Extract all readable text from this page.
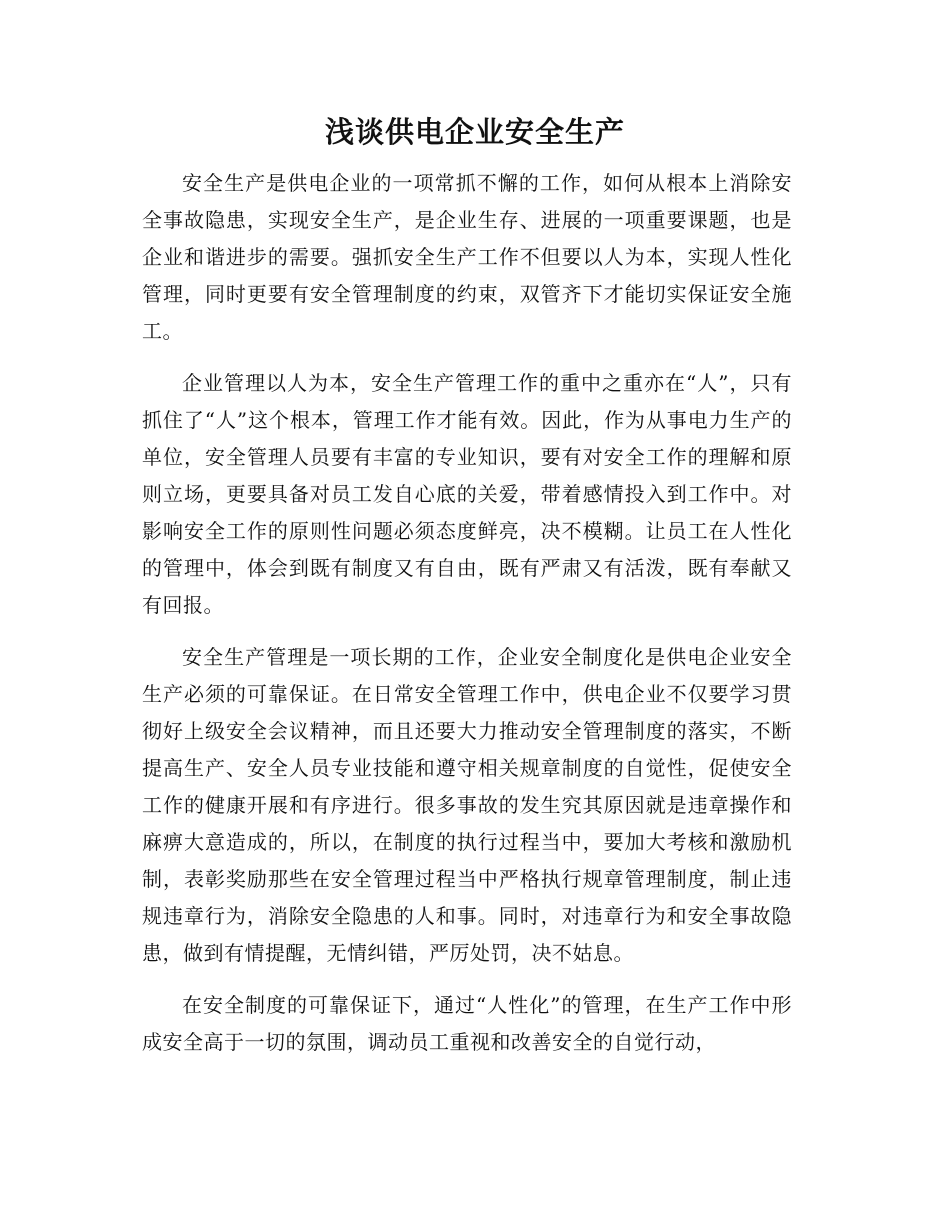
浅谈供电企业安全生产

安全生产是供电企业的一项常抓不懈的工作，如何从根本上消除安全事故隐患，实现安全生产，是企业生存、进展的一项重要课题，也是企业和谐进步的需要。强抓安全生产工作不但要以人为本，实现人性化管理，同时更要有安全管理制度的约束，双管齐下才能切实保证安全施工。

企业管理以人为本，安全生产管理工作的重中之重亦在“人”，只有抓住了“人”这个根本，管理工作才能有效。因此，作为从事电力生产的单位，安全管理人员要有丰富的专业知识，要有对安全工作的理解和原则立场，更要具备对员工发自心底的关爱，带着感情投入到工作中。对影响安全工作的原则性问题必须态度鲜亮，决不模糊。让员工在人性化的管理中，体会到既有制度又有自由，既有严肃又有活泼，既有奉献又有回报。

安全生产管理是一项长期的工作，企业安全制度化是供电企业安全生产必须的可靠保证。在日常安全管理工作中，供电企业不仅要学习贯彻好上级安全会议精神，而且还要大力推动安全管理制度的落实，不断提高生产、安全人员专业技能和遵守相关规章制度的自觉性，促使安全工作的健康开展和有序进行。很多事故的发生究其原因就是违章操作和麻痹大意造成的，所以，在制度的执行过程当中，要加大考核和激励机制，表彰奖励那些在安全管理过程当中严格执行规章管理制度，制止违规违章行为，消除安全隐患的人和事。同时，对违章行为和安全事故隐患，做到有情提醒，无情纠错，严厉处罚，决不姑息。

在安全制度的可靠保证下，通过“人性化”的管理，在生产工作中形成安全高于一切的氛围，调动员工重视和改善安全的自觉行动，
